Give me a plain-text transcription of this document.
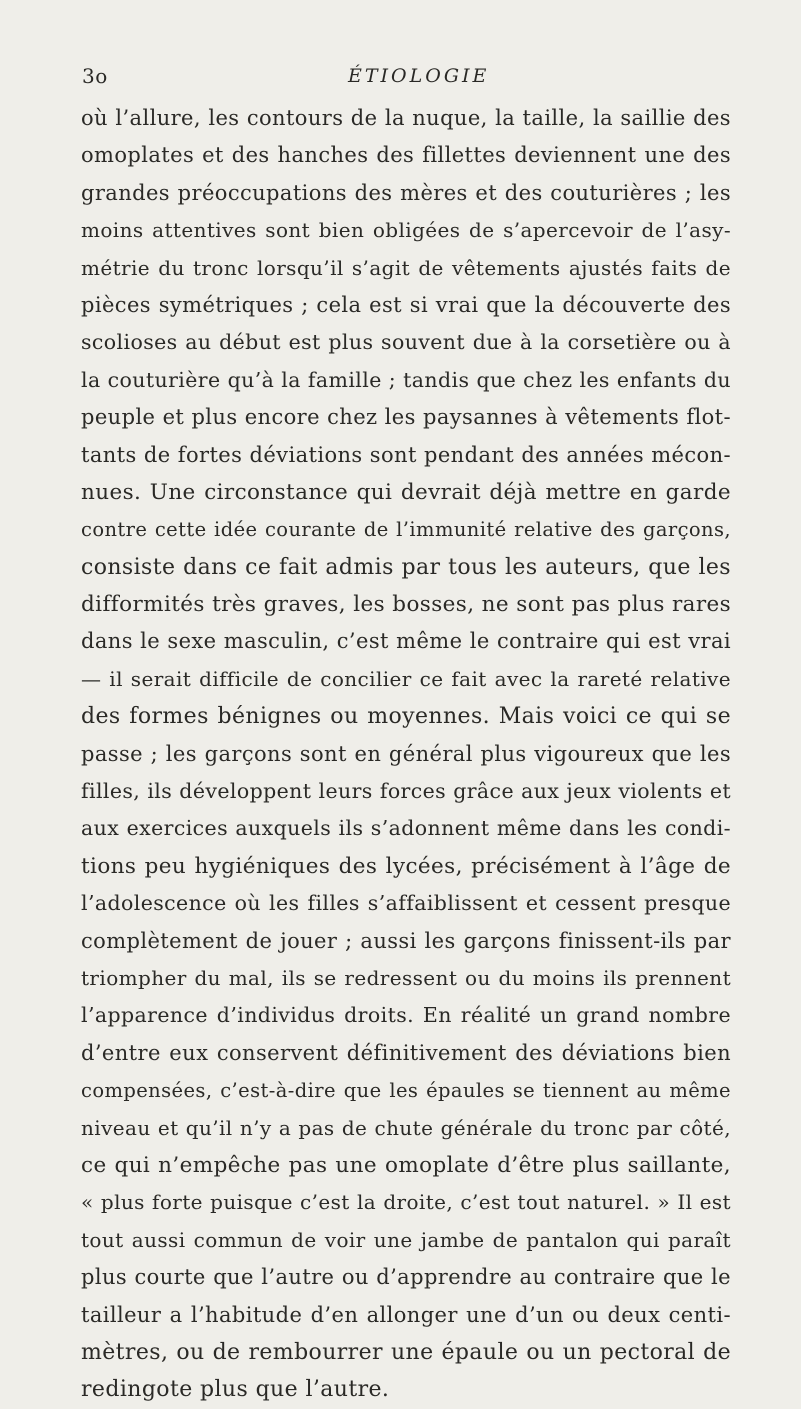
3o	ÉTIOLOGIE
où l’allure, les contours de la nuque, la taille, la saillie des
omoplates et des hanches des fillettes deviennent une des
grandes préoccupations des mères et des couturières ; les
moins attentives sont bien obligées de s’apercevoir de l’asy-
métrie du tronc lorsqu’il s’agit de vêtements ajustés faits de
pièces symétriques ; cela est si vrai que la découverte des
scolioses au début est plus souvent due à la corsetière ou à
la couturière qu’à la famille ; tandis que chez les enfants du
peuple et plus encore chez les paysannes à vêtements flot-
tants de fortes déviations sont pendant des années mécon-
nues. Une circonstance qui devrait déjà mettre en garde
contre cette idée courante de l’immunité relative des garçons,
consiste dans ce fait admis par tous les auteurs, que les
difformités très graves, les bosses, ne sont pas plus rares
dans le sexe masculin, c’est même le contraire qui est vrai
— il serait difficile de concilier ce fait avec la rareté relative
des formes bénignes ou moyennes. Mais voici ce qui se
passe ; les garçons sont en général plus vigoureux que les
filles, ils développent leurs forces grâce aux jeux violents et
aux exercices auxquels ils s’adonnent même dans les condi-
tions peu hygiéniques des lycées, précisément à l’âge de
l’adolescence où les filles s’affaiblissent et cessent presque
complètement de jouer ; aussi les garçons finissent-ils par
triompher du mal, ils se redressent ou du moins ils prennent
l’apparence d’individus droits. En réalité un grand nombre
d’entre eux conservent définitivement des déviations bien
compensées, c’est-à-dire que les épaules se tiennent au même
niveau et qu’il n’y a pas de chute générale du tronc par côté,
ce qui n’empêche pas une omoplate d’être plus saillante,
« plus forte puisque c’est la droite, c’est tout naturel. » Il est
tout aussi commun de voir une jambe de pantalon qui paraît
plus courte que l’autre ou d’apprendre au contraire que le
tailleur a l’habitude d’en allonger une d’un ou deux centi-
mètres, ou de rembourrer une épaule ou un pectoral de
redingote plus que l’autre.
